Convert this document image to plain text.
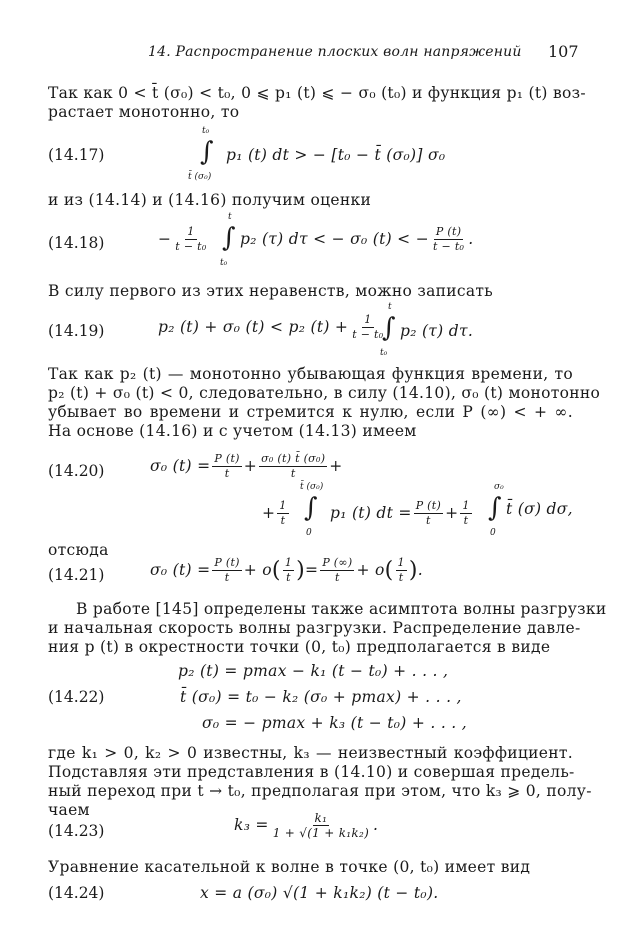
14. Распространение плоских волн напряжений 107
Так как 0 < t̄ (σ₀) < t₀, 0 ⩽ p₁ (t) ⩽ − σ₀ (t₀) и функция p₁ (t) воз-
растает монотонно, то
(14.17)
t₀
∫
t̄ (σ₀)
p₁ (t) dt > − [t₀ − t̄ (σ₀)] σ₀
и из (14.14) и (14.16) получим оценки
(14.18)	− $\frac{1}{\text{t − t₀}}$
t
∫
t₀
p₂ (τ) dτ < − σ₀ (t) < − $\frac{P (t)}{\text{t − t₀}}$ .
В силу первого из этих неравенств, можно записать
(14.19)	p₂ (t) + σ₀ (t) < p₂ $(t) + \frac{1}{\text{t − t₀}}$
t
∫
t₀
p₂ (τ) dτ.
Так как p₂ (t) — монотонно убывающая функция времени, то
p₂ (t) + σ₀ (t) < 0, следовательно, в силу (14.10), σ₀ (t) монотонно
убывает во времени и стремится к нулю, если P (∞) < + ∞.
На основе (14.16) и с учетом (14.13) имеем
(14.20)	σ₀ $(t) = \frac{P (t)}{t} + \frac{\text{σ₀ (t) t̄ (σ₀)}}{t}$ +
+ $\frac{1}{t}$
t̄ (σ₀)
∫
0
p₁ (t) dt = $\frac{P (t)}{t} + \frac{1}{t}$
σ₀
∫
0
t̄ (σ) dσ,
отсюда
(14.21)	σ₀ $(t) = \frac{P (t)}{t} + o$ ( $\frac{1}{t}$ ) = $\frac{P (\infty)}{t} + o$ ( $\frac{1}{t}$ ) .
В работе [145] определены также асимптота волны разгрузки
и начальная скорость волны разгрузки. Распределение давле-
ния p (t) в окрестности точки (0, t₀) предполагается в виде
p₂ (t) = pmax − k₁ (t − t₀) + . . . ,
(14.22)	t̄ (σ₀) = t₀ − k₂ (σ₀ + pmax) + . . . ,
σ₀ = − pmax + k₃ (t − t₀) + . . . ,
где k₁ > 0, k₂ > 0 известны, k₃ — неизвестный коэффициент.
Подставляя эти представления в (14.10) и совершая предель-
ный переход при t → t₀, предполагая при этом, что k₃ ⩾ 0, полу-
чаем
(14.23)	$k_3 = \frac{\text{k₁}}{\text{1 + √(1 + k₁k₂)}}$ .
Уравнение касательной к волне в точке (0, t₀) имеет вид
(14.24)	x = a (σ₀) √(1 + k₁k₂) (t − t₀).
